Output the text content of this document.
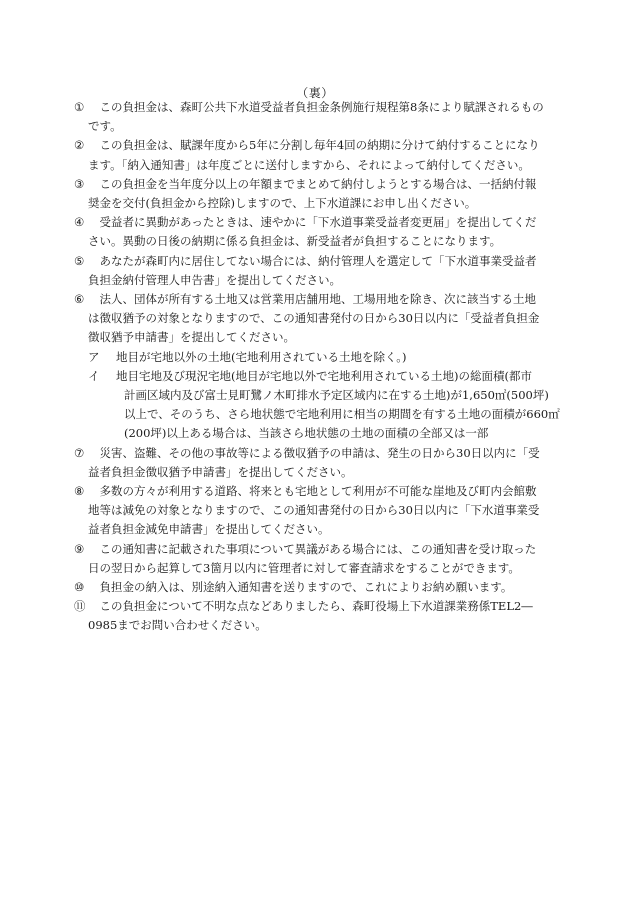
（裏）
① 　この負担金は、森町公共下水道受益者負担金条例施行規程第8条により賦課されるもの
です。
② 　この負担金は、賦課年度から5年に分割し毎年4回の納期に分けて納付することになり
ます。「納入通知書」は年度ごとに送付しますから、それによって納付してください。
③ 　この負担金を当年度分以上の年額までまとめて納付しようとする場合は、一括納付報
奨金を交付(負担金から控除)しますので、上下水道課にお申し出ください。
④ 　受益者に異動があったときは、速やかに「下水道事業受益者変更届」を提出してくだ
さい。異動の日後の納期に係る負担金は、新受益者が負担することになります。
⑤ 　あなたが森町内に居住してない場合には、納付管理人を選定して「下水道事業受益者
負担金納付管理人申告書」を提出してください。
⑥ 　法人、団体が所有する土地又は営業用店舗用地、工場用地を除き、次に該当する土地
は徴収猶予の対象となりますので、この通知書発付の日から30日以内に「受益者負担金
徴収猶予申請書」を提出してください。
ア 地目が宅地以外の土地(宅地利用されている土地を除く。)
イ 地目宅地及び現況宅地(地目が宅地以外で宅地利用されている土地)の総面積(都市
計画区域内及び富士見町鷺ノ木町排水予定区域内に在する土地)が1,650㎡(500坪)
以上で、そのうち、さら地状態で宅地利用に相当の期間を有する土地の面積が660㎡
(200坪)以上ある場合は、当該さら地状態の土地の面積の全部又は一部
⑦ 　災害、盗難、その他の事故等による徴収猶予の申請は、発生の日から30日以内に「受
益者負担金徴収猶予申請書」を提出してください。
⑧ 　多数の方々が利用する道路、将来とも宅地として利用が不可能な崖地及び町内会館敷
地等は減免の対象となりますので、この通知書発付の日から30日以内に「下水道事業受
益者負担金減免申請書」を提出してください。
⑨ 　この通知書に記載された事項について異議がある場合には、この通知書を受け取った
日の翌日から起算して3箇月以内に管理者に対して審査請求をすることができます。
⑩ 　負担金の納入は、別途納入通知書を送りますので、これによりお納め願います。
⑪ 　この負担金について不明な点などありましたら、森町役場上下水道課業務係TEL2―
0985までお問い合わせください。
